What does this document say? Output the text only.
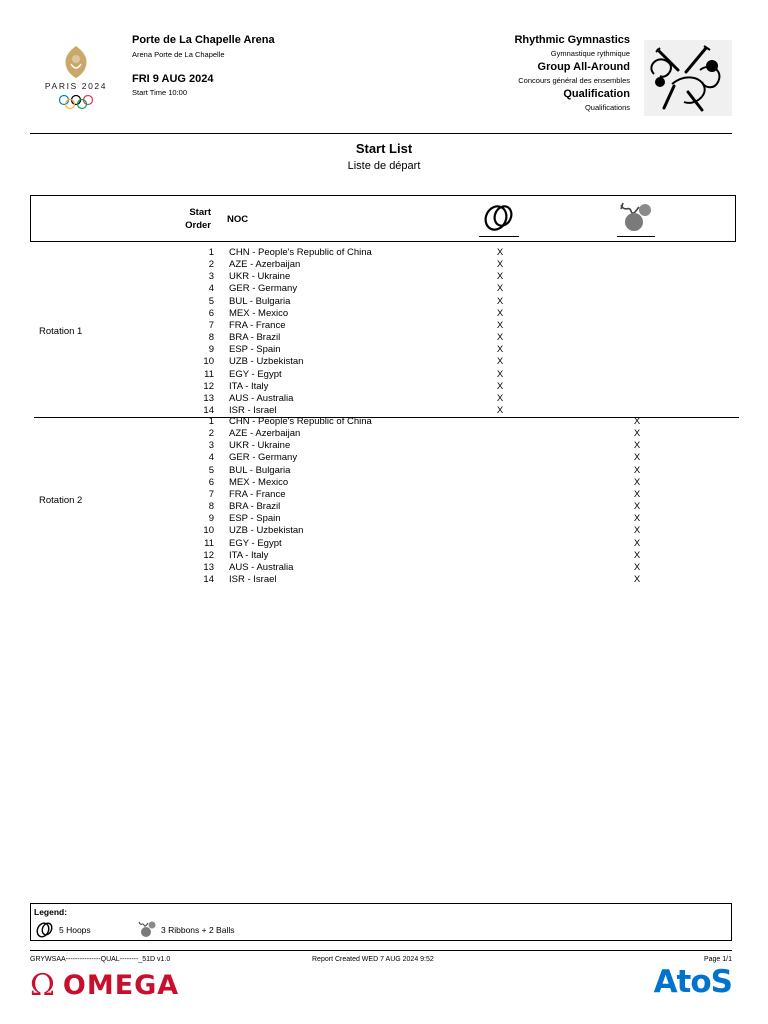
PARIS 2024
Porte de La Chapelle Arena
Arena Porte de La Chapelle
FRI 9 AUG 2024
Start Time 10:00
Rhythmic Gymnastics
Gymnastique rythmique
Group All-Around
Concours général des ensembles
Qualification
Qualifications
Start List
Liste de départ
Start
Order
NOC
Rotation 1
1 CHN - People's Republic of China	X
2 AZE - Azerbaijan	X
3 UKR - Ukraine	X
4 GER - Germany	X
5 BUL - Bulgaria	X
6 MEX - Mexico	X
7 FRA - France	X
8 BRA - Brazil	X
9 ESP - Spain	X
10 UZB - Uzbekistan	X
11 EGY - Egypt	X
12 ITA - Italy	X
13 AUS - Australia	X
14 ISR - Israel	X
Rotation 2
1 CHN - People's Republic of China	X
2 AZE - Azerbaijan	X
3 UKR - Ukraine	X
4 GER - Germany	X
5 BUL - Bulgaria	X
6 MEX - Mexico	X
7 FRA - France	X
8 BRA - Brazil	X
9 ESP - Spain	X
10 UZB - Uzbekistan	X
11 EGY - Egypt	X
12 ITA - Italy	X
13 AUS - Australia	X
14 ISR - Israel	X
Legend:
5 Hoops	3 Ribbons + 2 Balls
GRYWSAA---------------QUAL--------_51D v1.0	Report Created WED 7 AUG 2024 9:52	Page 1/1
Ω OMEGA	AtoS
